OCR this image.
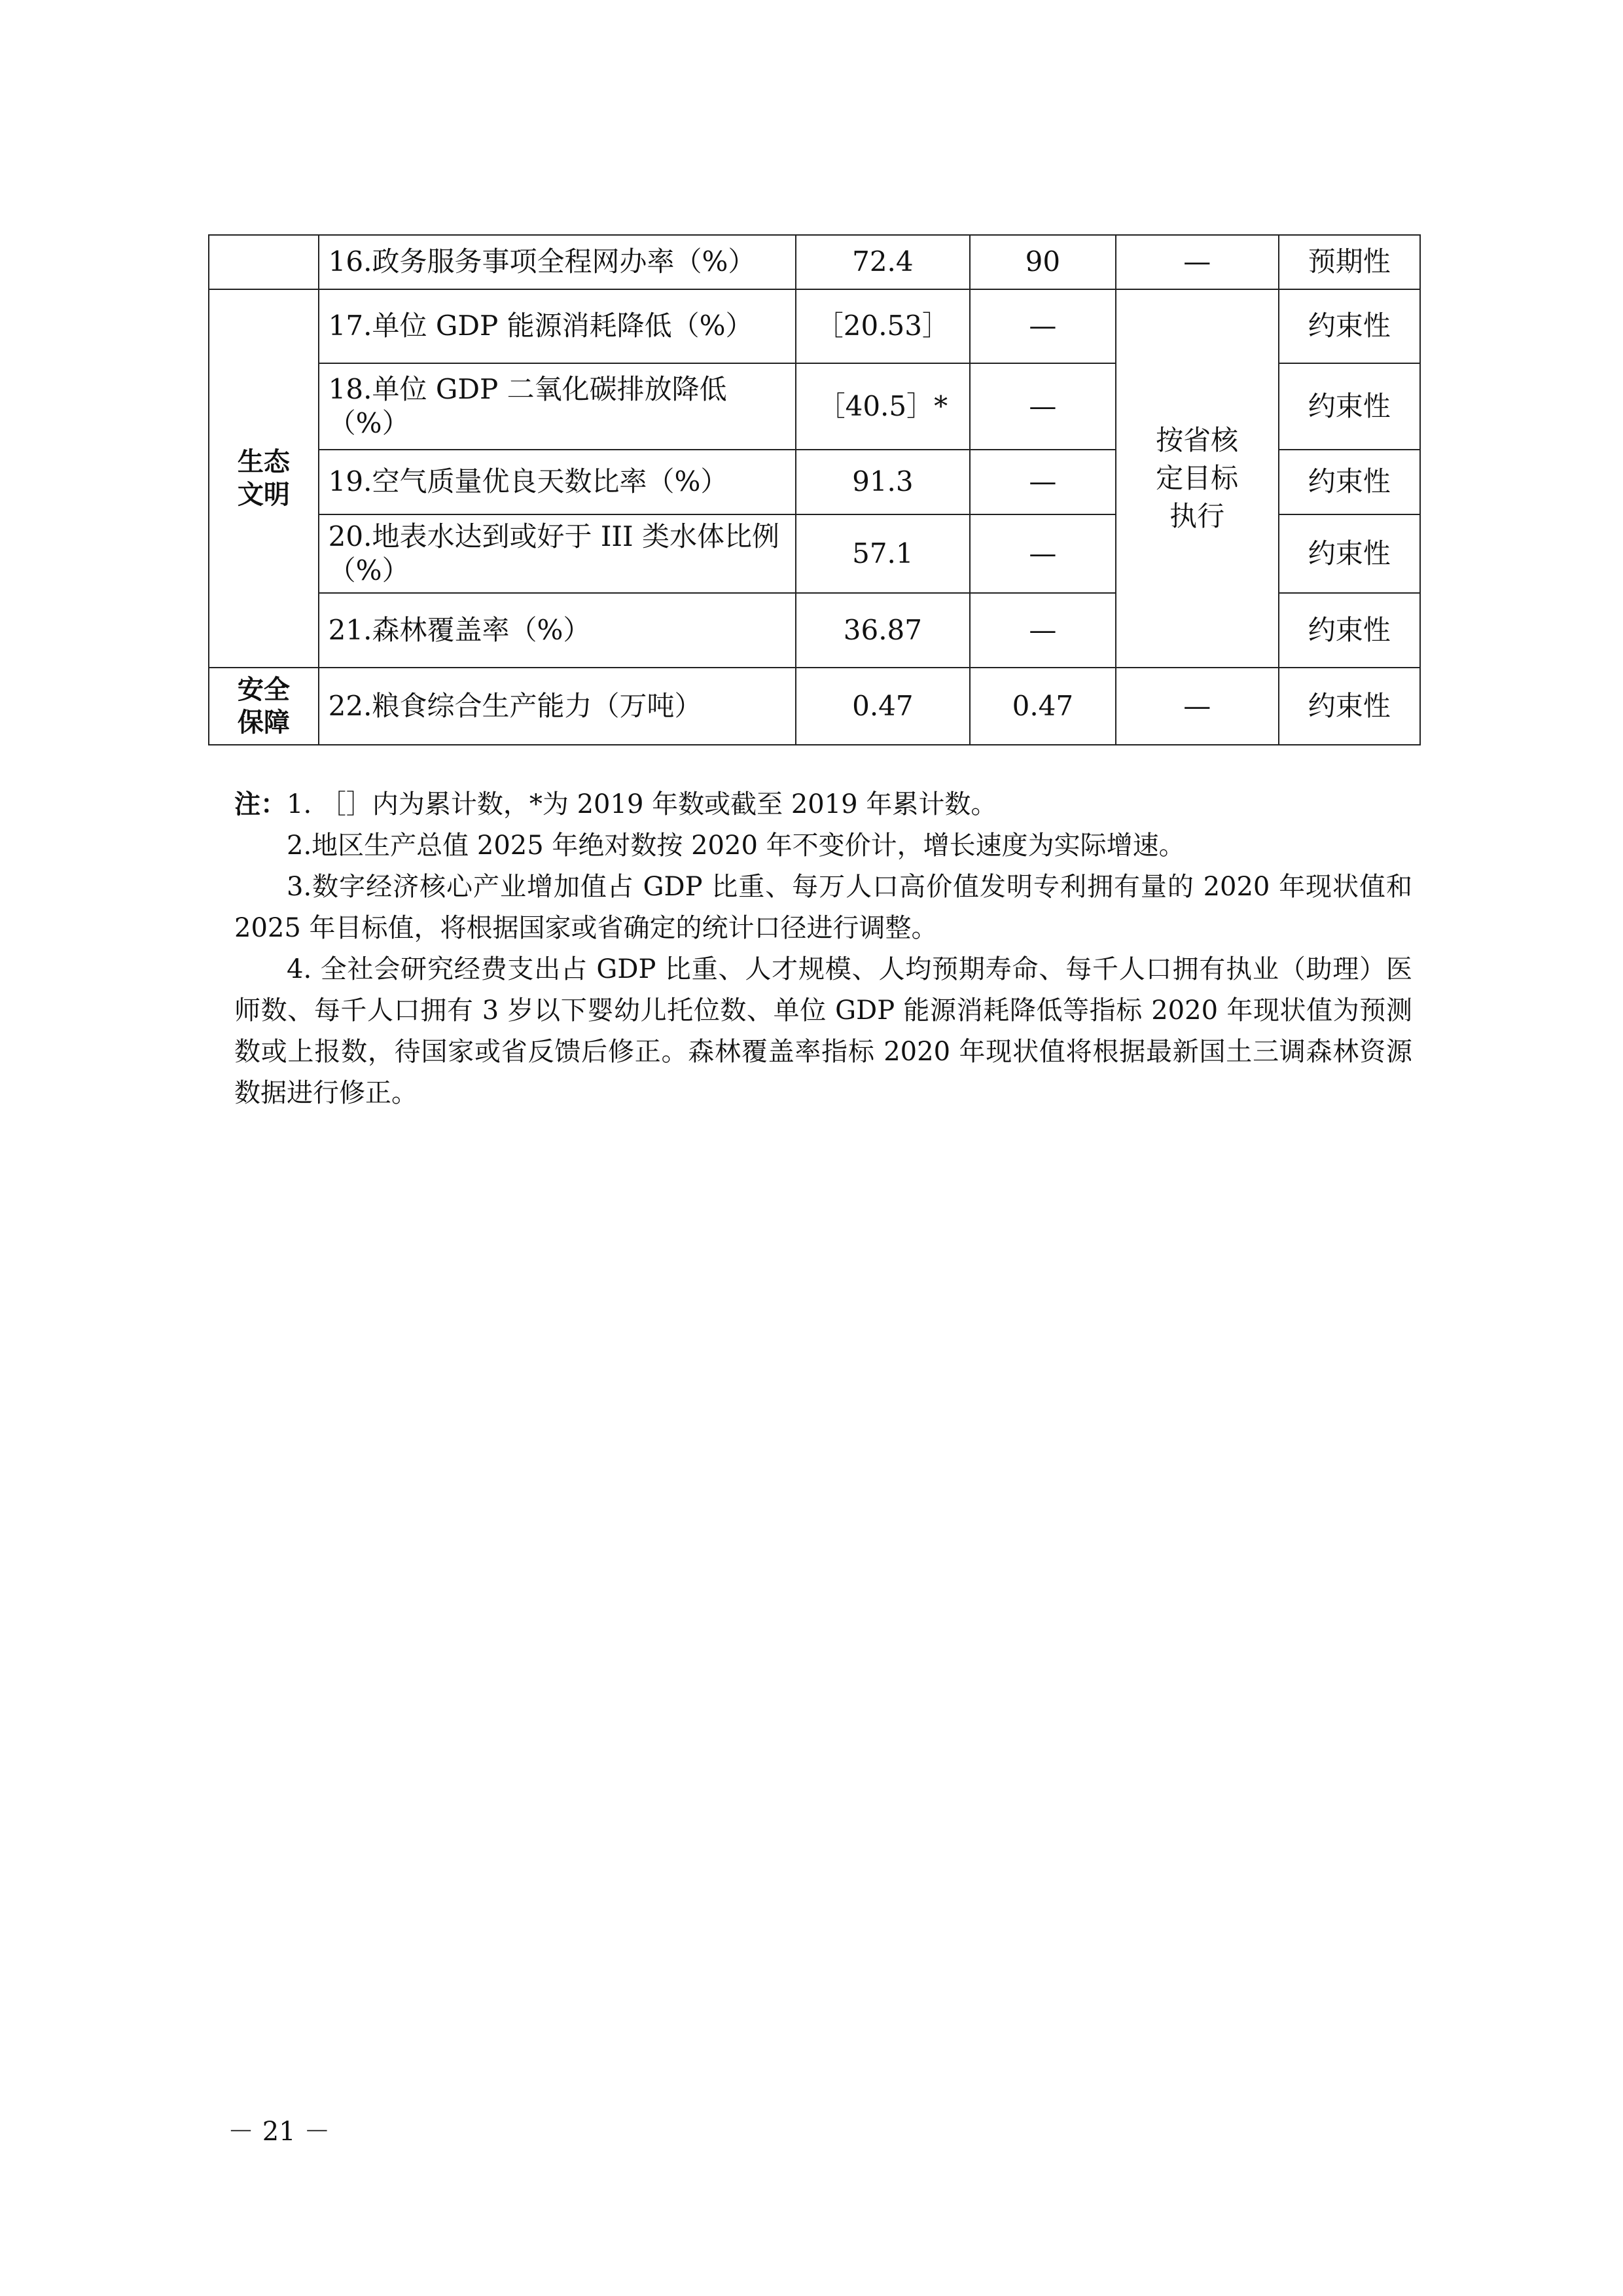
	16.政务服务事项全程网办率（%）	72.4	90	—	预期性

生态
文明	17.单位 GDP 能源消耗降低（%）	［20.53］	—	按省核定目标执行	约束性
	18.单位 GDP 二氧化碳排放降低（%）	［40.5］*	—		约束性
	19.空气质量优良天数比率（%）	91.3	—		约束性
	20.地表水达到或好于 III 类水体比例（%）	57.1	—		约束性
	21.森林覆盖率（%）	36.87	—		约束性

安全
保障	22.粮食综合生产能力（万吨）	0.47	0.47	—	约束性

注：1. ［］内为累计数，*为 2019 年数或截至 2019 年累计数。

2.地区生产总值 2025 年绝对数按 2020 年不变价计，增长速度为实际增速。

3.数字经济核心产业增加值占 GDP 比重、每万人口高价值发明专利拥有量的 2020 年现状值和 2025 年目标值，将根据国家或省确定的统计口径进行调整。

4. 全社会研究经费支出占 GDP 比重、人才规模、人均预期寿命、每千人口拥有执业（助理）医师数、每千人口拥有 3 岁以下婴幼儿托位数、单位 GDP 能源消耗降低等指标 2020 年现状值为预测数或上报数，待国家或省反馈后修正。森林覆盖率指标 2020 年现状值将根据最新国土三调森林资源数据进行修正。

－ 21 －
